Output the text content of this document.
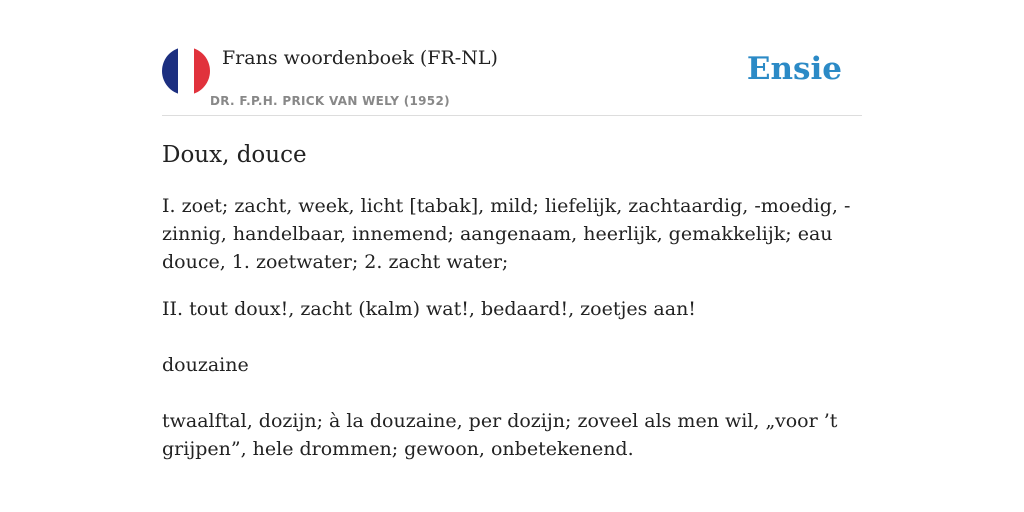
Frans woordenboek (FR-NL)
DR. F.P.H. PRICK VAN WELY (1952)
Ensie
Doux, douce

I. zoet; zacht, week, licht [tabak], mild; liefelijk, zachtaardig, -moedig, -zinnig, handelbaar, innemend; aangenaam, heerlijk, gemakkelijk; eau douce, 1. zoetwater; 2. zacht water;

II. tout doux!, zacht (kalm) wat!, bedaard!, zoetjes aan!

douzaine

twaalftal, dozijn; à la douzaine, per dozijn; zoveel als men wil, „voor ’t grijpen”, hele drommen; gewoon, onbetekenend.
